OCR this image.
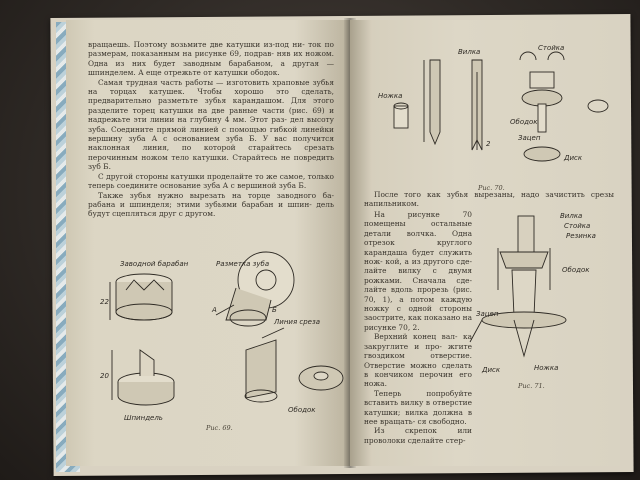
вращаешь. Поэтому возьмите две катушки из-под ни- ток по размерам, показанным на рисунке 69, подрав- няв их ножом. Одна из них будет заводным барабаном, а другая — шпинделем. А еще отрежьте от катушки ободок.

Самая трудная часть работы — изготовить храповые зубья на торцах катушек. Чтобы хорошо это сделать, предварительно разметьте зубья карандашом. Для этого разделите торец катушки на две равные части (рис. 69) и надрежьте эти линии на глубину 4 мм. Этот раз- дел высоту зуба. Соедините прямой линией с помощью гибкой линейки вершину зуба А с основанием зуба Б. У вас получится наклонная линия, по которой старайтесь срезать перочинным ножом тело катушки. Старайтесь не повредить зуб Б.

С другой стороны катушки проделайте то же самое, только теперь соедините основание зуба А с вершиной зуба Б.

Также зубья нужно вырезать на торце заводного ба- рабана и шпинделя; этими зубьями барабан и шпин- дель будут сцепляться друг с другом.

Заводной барабан	Разметка зуба
Линия среза
Шпиндель
Ободок
А	Б
22
20
Рис. 69.
Вилка	Стойка
Ножка
Ободок
Зацеп
Диск
2
Рис. 70.
Вилка
Стойка
Резинка
Ободок
Зацеп
Диск	Ножка
Рис. 71.

После того как зубья вырезаны, надо зачистить срезы напильником.

На рисунке 70 помещены остальные детали волчка. Одна отрезок круглого карандаша будет служить нож- кой, а из другого сде- лайте вилку с двумя рожками. Сначала сде- лайте вдоль прорезь (рис. 70, 1), а потом каждую ножку с одной стороны заострите, как показано на рисунке 70, 2.

Верхний конец вал- ка закруглите и про- жгите гвоздиком отверстие. Отверстие можно сделать в кончиком перочин его ножа.

Теперь попробуйте вставить вилку в отверстие катушки; вилка должна в нее вращать- ся свободно.

Из скрепок или проволоки сделайте стер-
